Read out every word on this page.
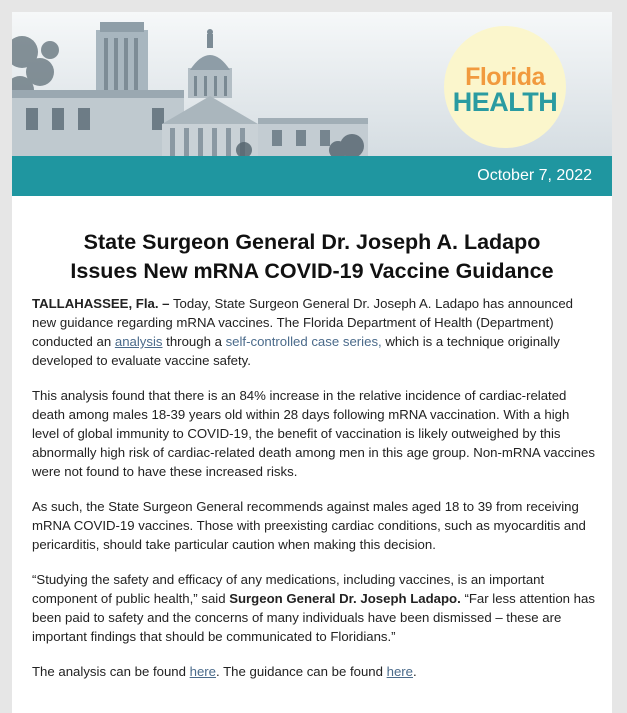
Florida
HEALTH
October 7, 2022
State Surgeon General Dr. Joseph A. Ladapo
Issues New mRNA COVID-19 Vaccine Guidance

TALLAHASSEE, Fla. – Today, State Surgeon General Dr. Joseph A. Ladapo has announced new guidance regarding mRNA vaccines. The Florida Department of Health (Department) conducted an analysis through a self-controlled case series, which is a technique originally developed to evaluate vaccine safety.

This analysis found that there is an 84% increase in the relative incidence of cardiac-related death among males 18-39 years old within 28 days following mRNA vaccination. With a high level of global immunity to COVID-19, the benefit of vaccination is likely outweighed by this abnormally high risk of cardiac-related death among men in this age group. Non-mRNA vaccines were not found to have these increased risks.

As such, the State Surgeon General recommends against males aged 18 to 39 from receiving mRNA COVID-19 vaccines. Those with preexisting cardiac conditions, such as myocarditis and pericarditis, should take particular caution when making this decision.

“Studying the safety and efficacy of any medications, including vaccines, is an important component of public health,” said Surgeon General Dr. Joseph Ladapo. “Far less attention has been paid to safety and the concerns of many individuals have been dismissed – these are important findings that should be communicated to Floridians.”

The analysis can be found here. The guidance can be found here.
